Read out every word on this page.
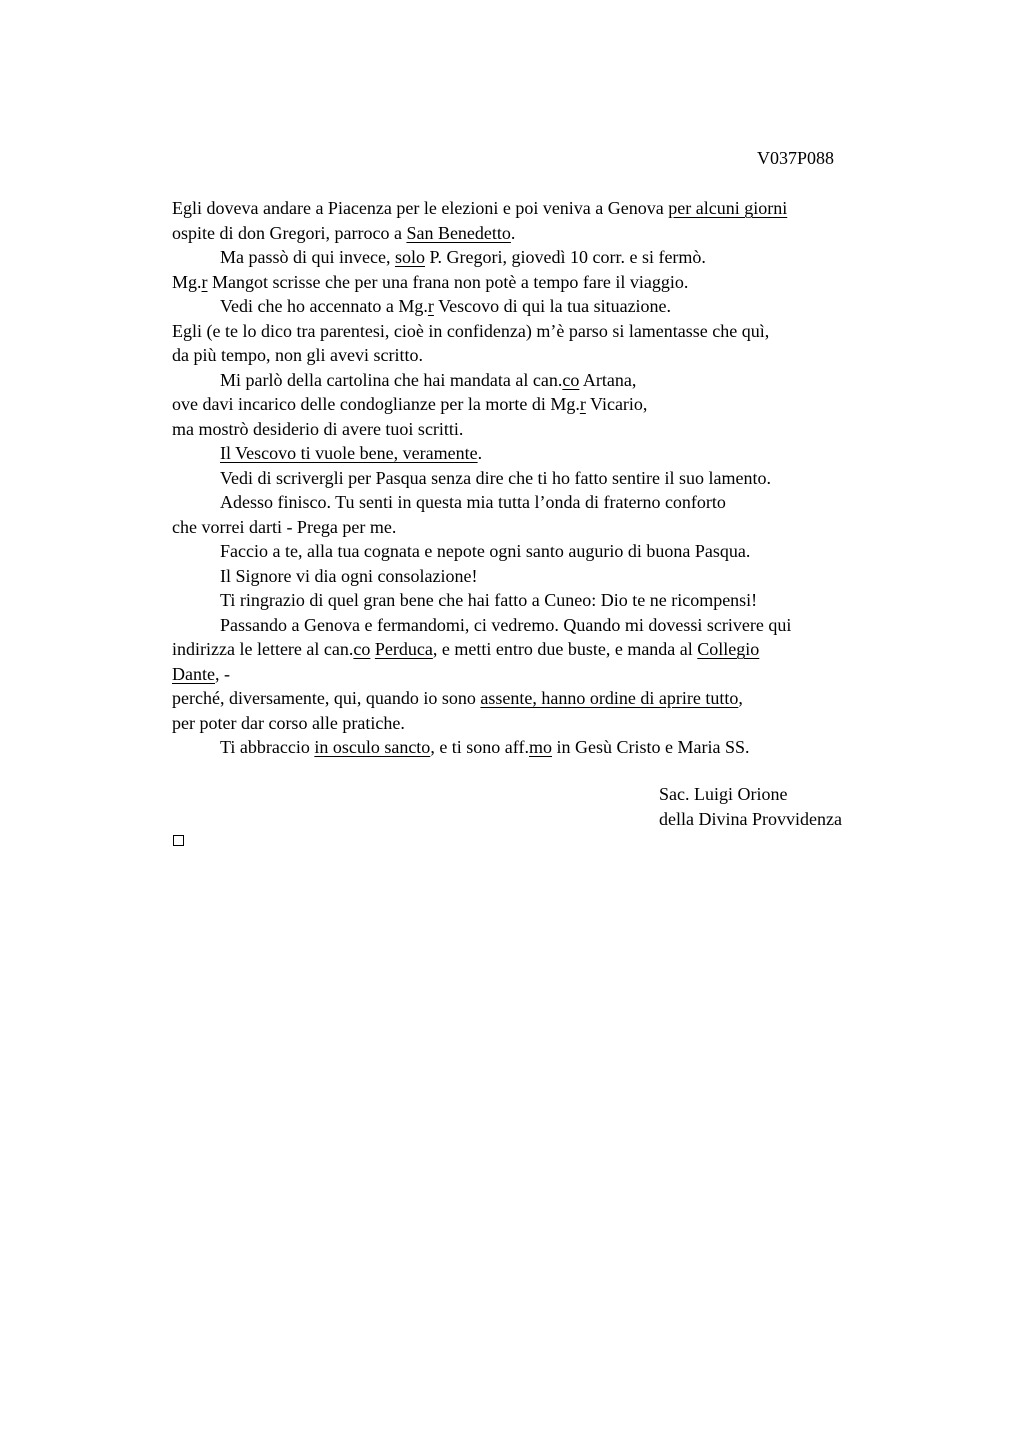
V037P088
Egli doveva andare a Piacenza per le elezioni e poi veniva a Genova per alcuni giorni
ospite di don Gregori, parroco a San Benedetto.
Ma passò di qui invece, solo P. Gregori, giovedì 10 corr. e si fermò.
Mg.r Mangot scrisse che per una frana non potè a tempo fare il viaggio.
Vedi che ho accennato a Mg.r Vescovo di qui la tua situazione.
Egli (e te lo dico tra parentesi, cioè in confidenza) m’è parso si lamentasse che quì,
da più tempo, non gli avevi scritto.
Mi parlò della cartolina che hai mandata al can.co Artana,
ove davi incarico delle condoglianze per la morte di Mg.r Vicario,
ma mostrò desiderio di avere tuoi scritti.
Il Vescovo ti vuole bene, veramente.
Vedi di scrivergli per Pasqua senza dire che ti ho fatto sentire il suo lamento.
Adesso finisco. Tu senti in questa mia tutta l’onda di fraterno conforto
che vorrei darti - Prega per me.
Faccio a te, alla tua cognata e nepote ogni santo augurio di buona Pasqua.
Il Signore vi dia ogni consolazione!
Ti ringrazio di quel gran bene che hai fatto a Cuneo: Dio te ne ricompensi!
Passando a Genova e fermandomi, ci vedremo. Quando mi dovessi scrivere qui
indirizza le lettere al can.co Perduca, e metti entro due buste, e manda al Collegio
Dante, -
perché, diversamente, qui, quando io sono assente, hanno ordine di aprire tutto,
per poter dar corso alle pratiche.
Ti abbraccio in osculo sancto, e ti sono aff.mo in Gesù Cristo e Maria SS.
Sac. Luigi Orione
della Divina Provvidenza
